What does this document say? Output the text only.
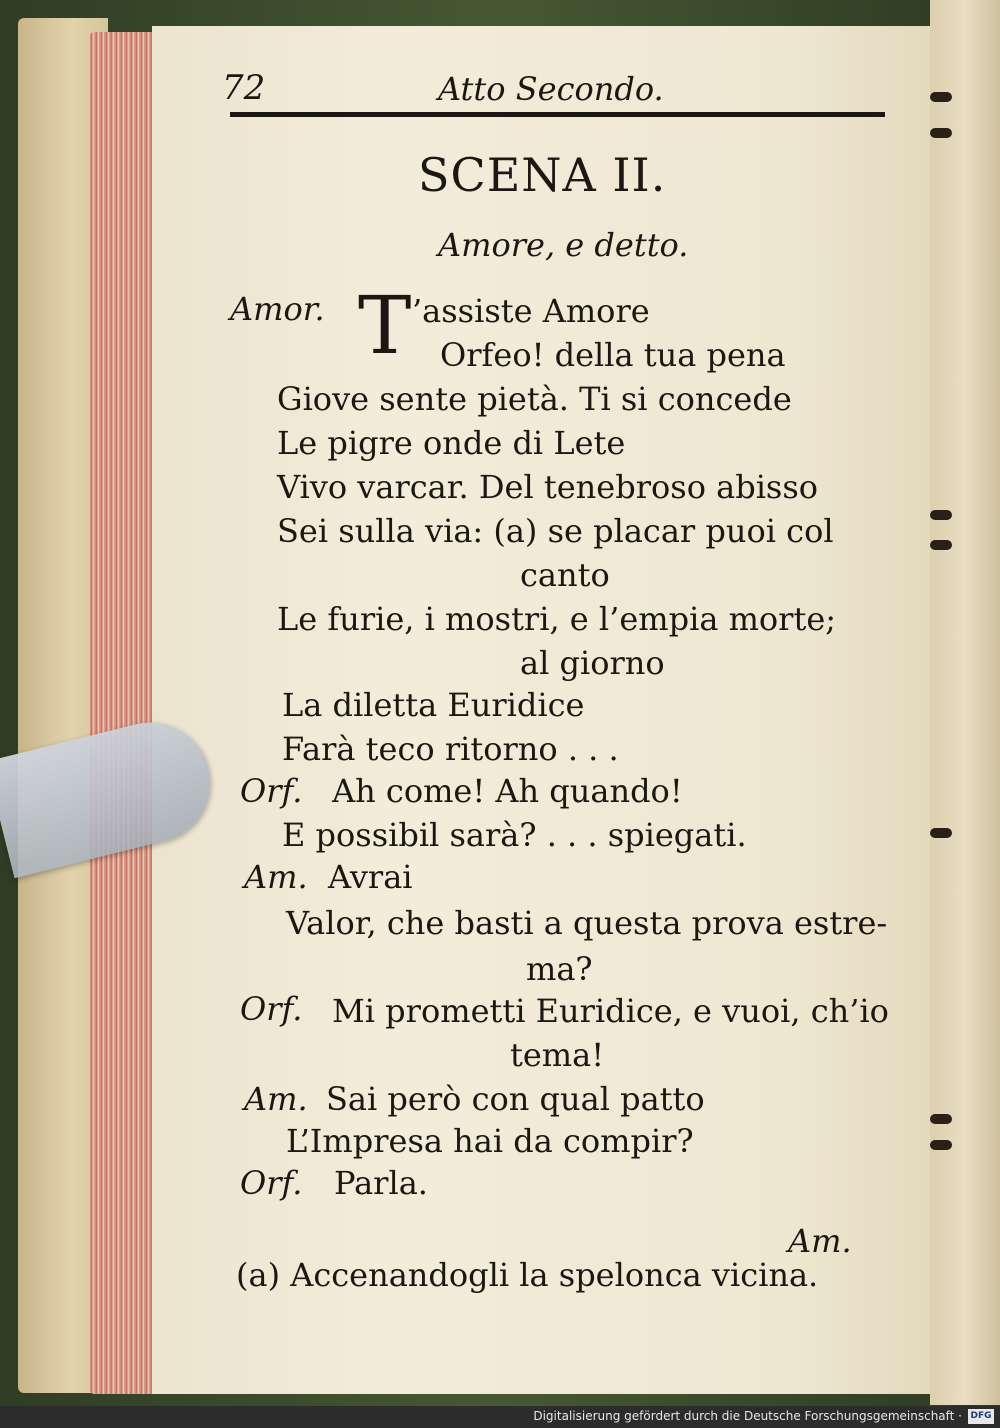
72	Atto Secondo.
SCENA II.
Amore, e detto.
Amor. T ’assiste Amore
Orfeo! della tua pena
Giove sente pietà. Ti si concede
Le pigre onde di Lete
Vivo varcar. Del tenebroso abisso
Sei sulla via: (a) se placar puoi col
canto
Le furie, i mostri, e l’empia morte;
al giorno
La diletta Euridice
Farà teco ritorno . . .
Orf. Ah come! Ah quando!
E possibil sarà? . . . spiegati.
Am. Avrai
Valor, che basti a questa prova estre-
ma?
Orf. Mi prometti Euridice, e vuoi, ch’io
tema!
Am. Sai però con qual patto
L’Impresa hai da compir?
Orf. Parla.
Am.
(a) Accenandogli la spelonca vicina.
Digitalisierung gefördert durch die Deutsche Forschungsgemeinschaft · DFG
